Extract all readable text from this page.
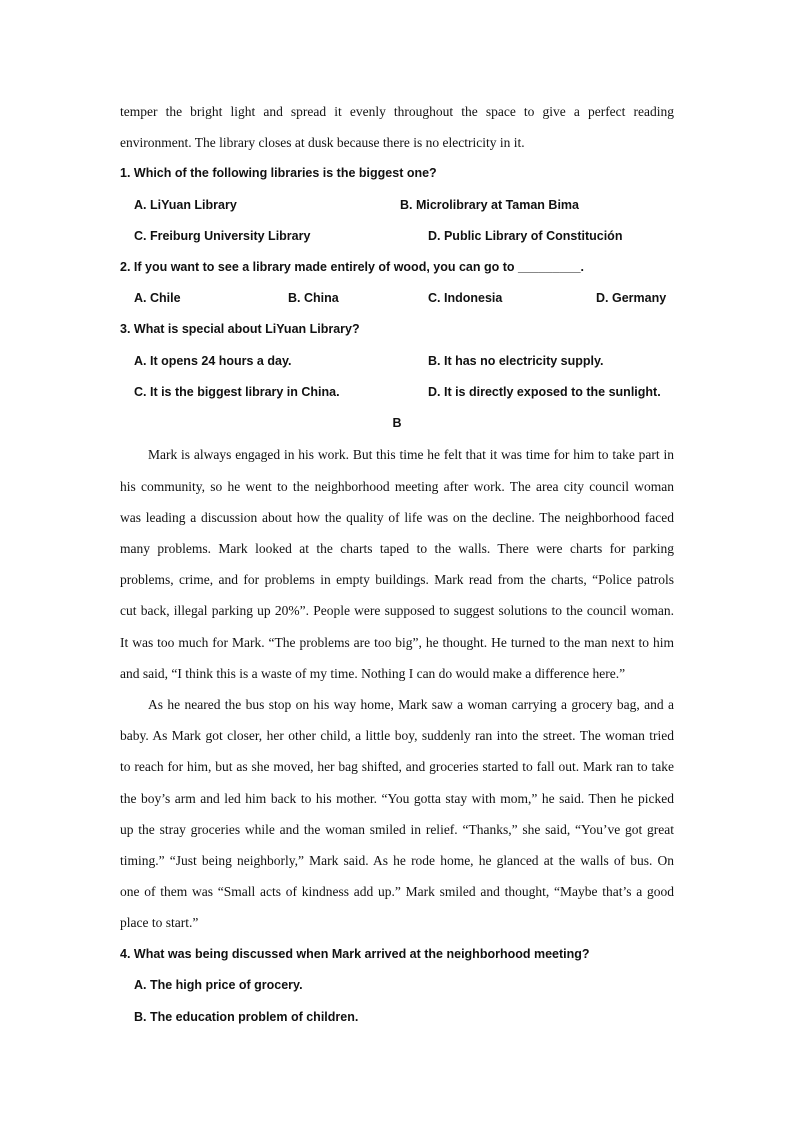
temper the bright light and spread it evenly throughout the space to give a perfect reading
environment. The library closes at dusk because there is no electricity in it.
1. Which of the following libraries is the biggest one?
A. LiYuan Library	B. Microlibrary at Taman Bima
C. Freiburg University Library	D. Public Library of Constitución
2. If you want to see a library made entirely of wood, you can go to _________.
A. Chile	B. China	C. Indonesia	D. Germany
3. What is special about LiYuan Library?
A. It opens 24 hours a day.	B. It has no electricity supply.
C. It is the biggest library in China.	D. It is directly exposed to the sunlight.
B
Mark is always engaged in his work. But this time he felt that it was time for him to take part in
his community, so he went to the neighborhood meeting after work. The area city council woman
was leading a discussion about how the quality of life was on the decline. The neighborhood faced
many problems. Mark looked at the charts taped to the walls. There were charts for parking
problems, crime, and for problems in empty buildings. Mark read from the charts, “Police patrols
cut back, illegal parking up 20%”. People were supposed to suggest solutions to the council woman.
It was too much for Mark. “The problems are too big”, he thought. He turned to the man next to him
and said, “I think this is a waste of my time. Nothing I can do would make a difference here.”
As he neared the bus stop on his way home, Mark saw a woman carrying a grocery bag, and a
baby. As Mark got closer, her other child, a little boy, suddenly ran into the street. The woman tried
to reach for him, but as she moved, her bag shifted, and groceries started to fall out. Mark ran to take
the boy’s arm and led him back to his mother. “You gotta stay with mom,” he said. Then he picked
up the stray groceries while and the woman smiled in relief. “Thanks,” she said, “You’ve got great
timing.” “Just being neighborly,” Mark said. As he rode home, he glanced at the walls of bus. On
one of them was “Small acts of kindness add up.” Mark smiled and thought, “Maybe that’s a good
place to start.”
4. What was being discussed when Mark arrived at the neighborhood meeting?
A. The high price of grocery.
B. The education problem of children.
